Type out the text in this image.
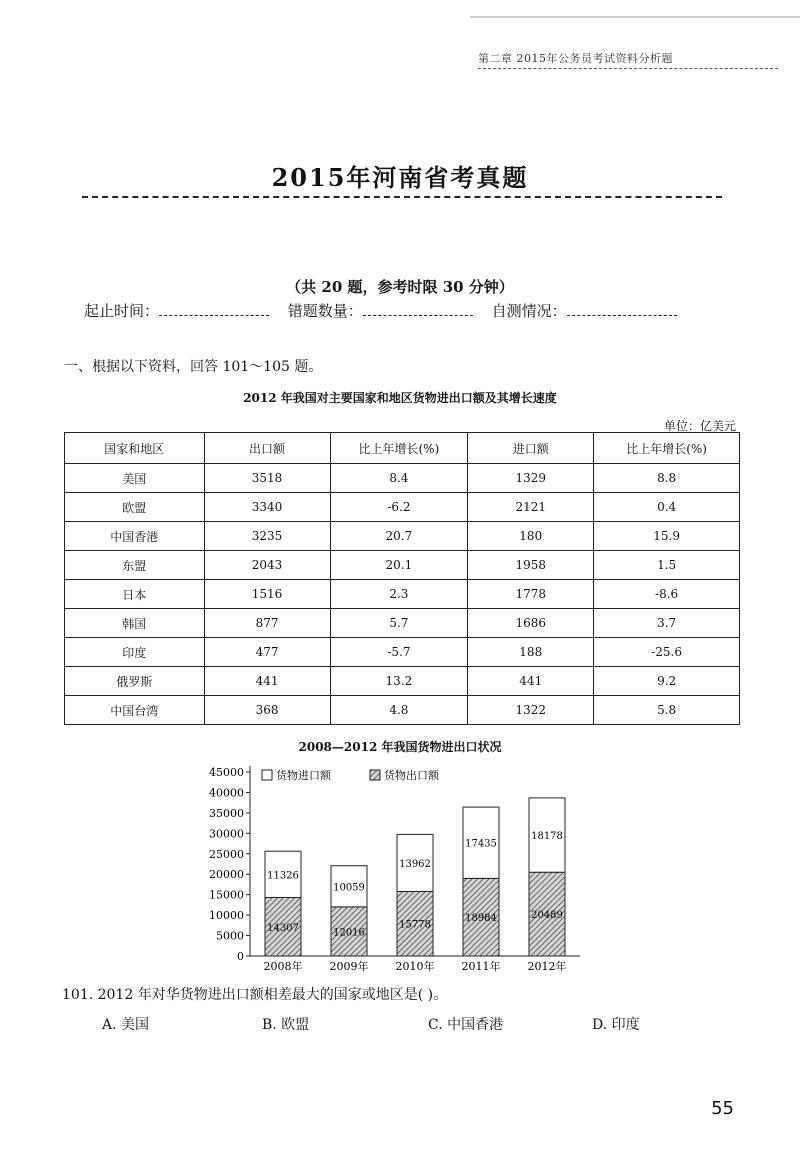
第二章 2015年公务员考试资料分析题
2015年河南省考真题
（共 20 题，参考时限 30 分钟）
起止时间：	错题数量：	自测情况：
一、根据以下资料，回答 101～105 题。
2012 年我国对主要国家和地区货物进出口额及其增长速度
单位：亿美元
国家和地区	出口额	比上年增长(%)	进口额	比上年增长(%)
美国	3518	8.4	1329	8.8
欧盟	3340	-6.2	2121	0.4
中国香港	3235	20.7	180	15.9
东盟	2043	20.1	1958	1.5
日本	1516	2.3	1778	-8.6
韩国	877	5.7	1686	3.7
印度	477	-5.7	188	-25.6
俄罗斯	441	13.2	441	9.2
中国台湾	368	4.8	1322	5.8
2008—2012 年我国货物进出口状况
0
5000
10000
15000
20000
25000
30000
35000
40000
45000	货物进口额	货物出口额
14307
11326
2008年
12016
10059
2009年
15778
13962
2010年
18984
17435
2011年
20489
18178
2012年
101. 2012 年对华货物进出口额相差最大的国家或地区是( )。
A. 美国	B. 欧盟	C. 中国香港	D. 印度
55
